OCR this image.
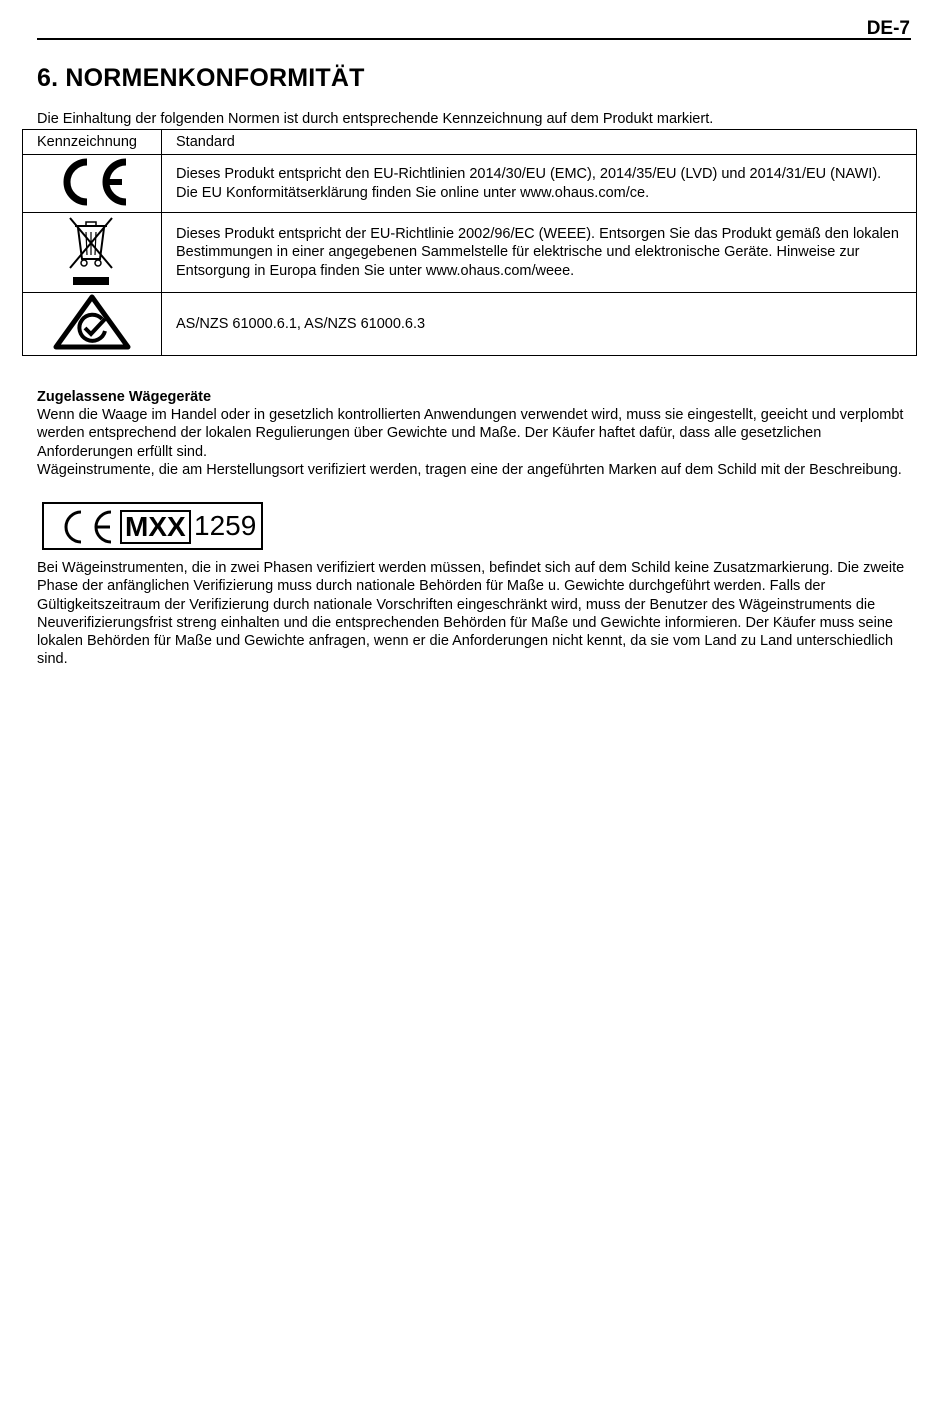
DE-7
6. NORMENKONFORMITÄT

Die Einhaltung der folgenden Normen ist durch entsprechende Kennzeichnung auf dem Produkt markiert.

Kennzeichnung	Standard
	Dieses Produkt entspricht den EU-Richtlinien 2014/30/EU (EMC), 2014/35/EU (LVD) und 2014/31/EU (NAWI). Die EU Konformitätserklärung finden Sie online unter www.ohaus.com/ce.
	Dieses Produkt entspricht der EU-Richtlinie 2002/96/EC (WEEE). Entsorgen Sie das Produkt gemäß den lokalen Bestimmungen in einer angegebenen Sammelstelle für elektrische und elektronische Geräte. Hinweise zur Entsorgung in Europa finden Sie unter www.ohaus.com/weee.
	AS/NZS 61000.6.1, AS/NZS 61000.6.3

Zugelassene Wägegeräte

Wenn die Waage im Handel oder in gesetzlich kontrollierten Anwendungen verwendet wird, muss sie eingestellt, geeicht und verplombt werden entsprechend der lokalen Regulierungen über Gewichte und Maße. Der Käufer haftet dafür, dass alle gesetzlichen Anforderungen erfüllt sind.

Wägeinstrumente, die am Herstellungsort verifiziert werden, tragen eine der angeführten Marken auf dem Schild mit der Beschreibung.

MXX 1259

Bei Wägeinstrumenten, die in zwei Phasen verifiziert werden müssen, befindet sich auf dem Schild keine Zusatzmarkierung. Die zweite Phase der anfänglichen Verifizierung muss durch nationale Behörden für Maße u. Gewichte durchgeführt werden. Falls der Gültigkeitszeitraum der Verifizierung durch nationale Vorschriften eingeschränkt wird, muss der Benutzer des Wägeinstruments die Neuverifizierungsfrist streng einhalten und die entsprechenden Behörden für Maße und Gewichte informieren. Der Käufer muss seine lokalen Behörden für Maße und Gewichte anfragen, wenn er die Anforderungen nicht kennt, da sie vom Land zu Land unterschiedlich sind.
